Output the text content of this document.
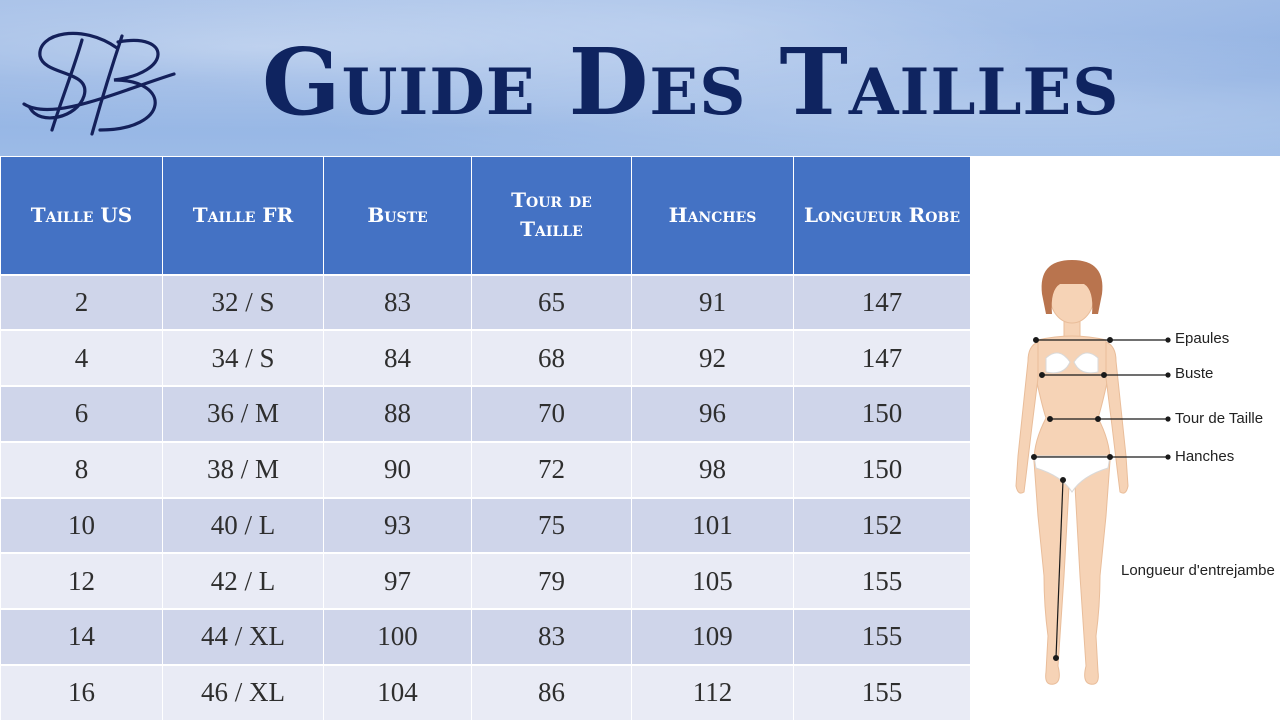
Guide Des Tailles
Taille US	Taille FR	Buste	Tour de Taille	Hanches	Longueur Robe
2	32 / S	83	65	91	147
4	34 / S	84	68	92	147
6	36 / M	88	70	96	150
8	38 / M	90	72	98	150
10	40 / L	93	75	101	152
12	42 / L	97	79	105	155
14	44 / XL	100	83	109	155
16	46 / XL	104	86	112	155
Epaules
Buste
Tour de Taille
Hanches
Longueur d'entrejambe
